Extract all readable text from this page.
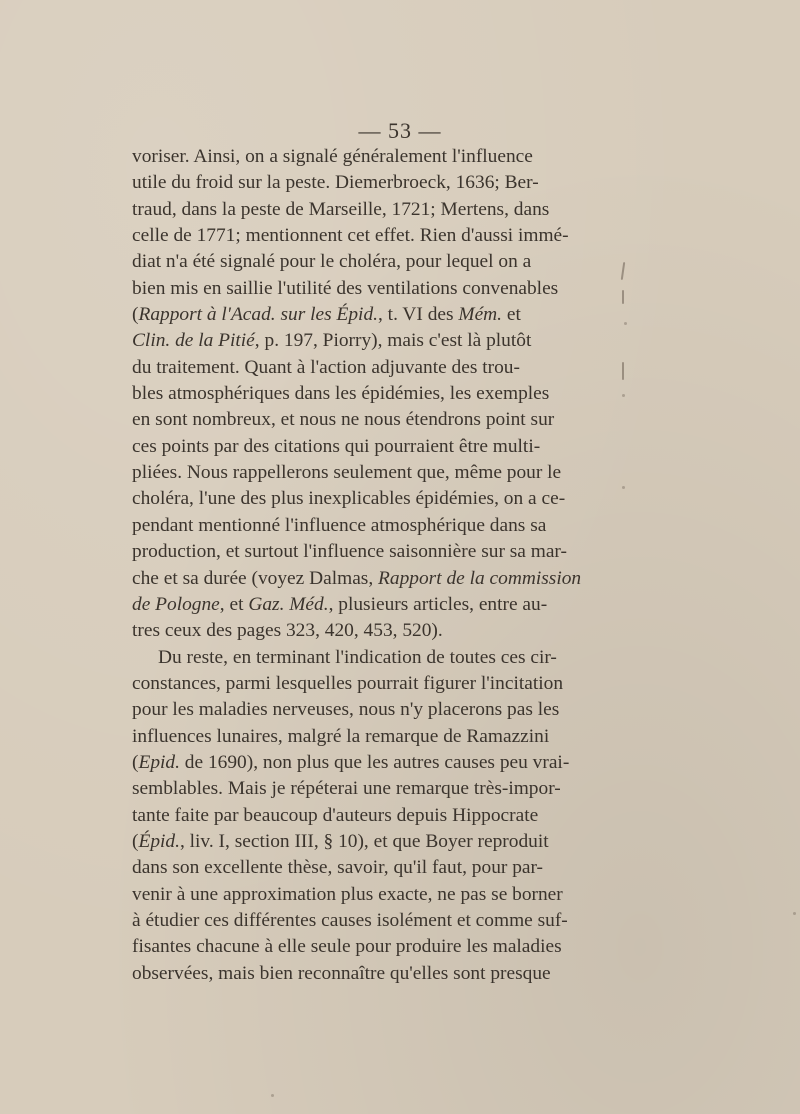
— 53 —
voriser. Ainsi, on a signalé généralement l'influence
utile du froid sur la peste. Diemerbroeck, 1636; Ber-
traud, dans la peste de Marseille, 1721; Mertens, dans
celle de 1771; mentionnent cet effet. Rien d'aussi immé-
diat n'a été signalé pour le choléra, pour lequel on a
bien mis en saillie l'utilité des ventilations convenables
(Rapport à l'Acad. sur les Épid., t. VI des Mém. et
Clin. de la Pitié, p. 197, Piorry), mais c'est là plutôt
du traitement. Quant à l'action adjuvante des trou-
bles atmosphériques dans les épidémies, les exemples
en sont nombreux, et nous ne nous étendrons point sur
ces points par des citations qui pourraient être multi-
pliées. Nous rappellerons seulement que, même pour le
choléra, l'une des plus inexplicables épidémies, on a ce-
pendant mentionné l'influence atmosphérique dans sa
production, et surtout l'influence saisonnière sur sa mar-
che et sa durée (voyez Dalmas, Rapport de la commission
de Pologne, et Gaz. Méd., plusieurs articles, entre au-
tres ceux des pages 323, 420, 453, 520).
Du reste, en terminant l'indication de toutes ces cir-
constances, parmi lesquelles pourrait figurer l'incitation
pour les maladies nerveuses, nous n'y placerons pas les
influences lunaires, malgré la remarque de Ramazzini
(Epid. de 1690), non plus que les autres causes peu vrai-
semblables. Mais je répéterai une remarque très-impor-
tante faite par beaucoup d'auteurs depuis Hippocrate
(Épid., liv. I, section III, § 10), et que Boyer reproduit
dans son excellente thèse, savoir, qu'il faut, pour par-
venir à une approximation plus exacte, ne pas se borner
à étudier ces différentes causes isolément et comme suf-
fisantes chacune à elle seule pour produire les maladies
observées, mais bien reconnaître qu'elles sont presque
